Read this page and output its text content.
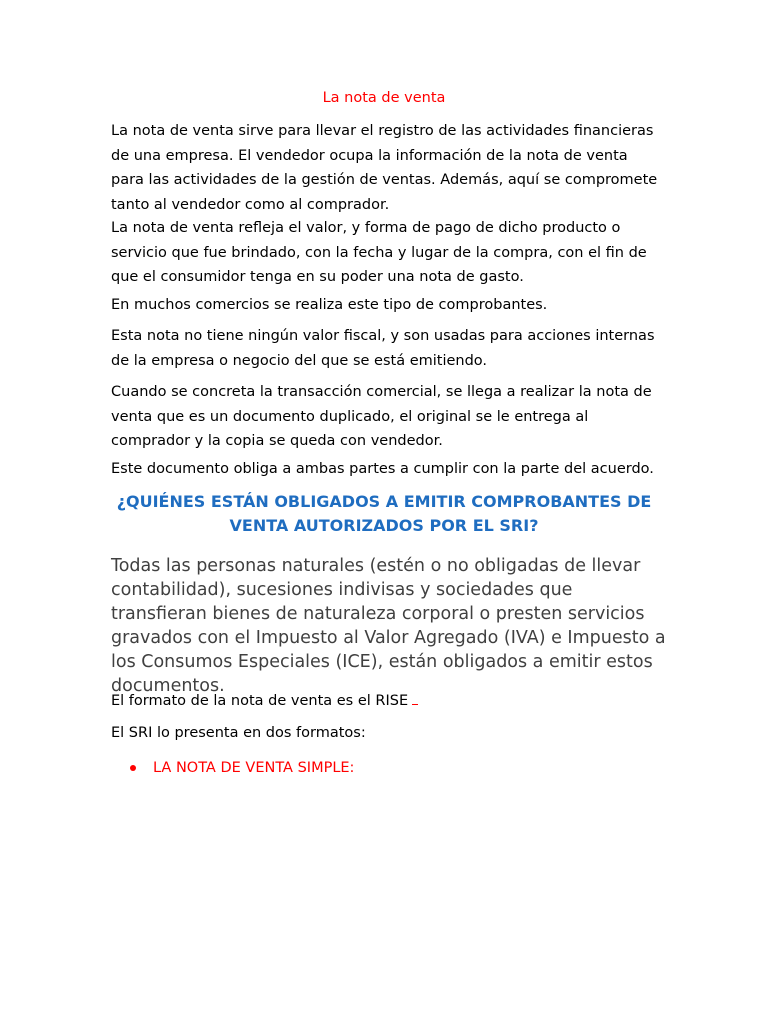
La nota de venta

La nota de venta sirve para llevar el registro de las actividades financieras de una empresa. El vendedor ocupa la información de la nota de venta para las actividades de la gestión de ventas. Además, aquí se compromete tanto al vendedor como al comprador.

La nota de venta refleja el valor, y forma de pago de dicho producto o servicio que fue brindado, con la fecha y lugar de la compra, con el fin de que el consumidor tenga en su poder una nota de gasto.

En muchos comercios se realiza este tipo de comprobantes.

Esta nota no tiene ningún valor fiscal, y son usadas para acciones internas de la empresa o negocio del que se está emitiendo.

Cuando se concreta la transacción comercial, se llega a realizar la nota de venta que es un documento duplicado, el original se le entrega al comprador y la copia se queda con vendedor.

Este documento obliga a ambas partes a cumplir con la parte del acuerdo.

¿QUIÉNES ESTÁN OBLIGADOS A EMITIR COMPROBANTES DE VENTA AUTORIZADOS POR EL SRI?

Todas las personas naturales (estén o no obligadas de llevar contabilidad), sucesiones indivisas y sociedades que transfieran bienes de naturaleza corporal o presten servicios gravados con el Impuesto al Valor Agregado (IVA) e Impuesto a los Consumos Especiales (ICE), están obligados a emitir estos documentos.

El formato de la nota de venta es el RISE

El SRI lo presenta en dos formatos:

LA NOTA DE VENTA SIMPLE:
